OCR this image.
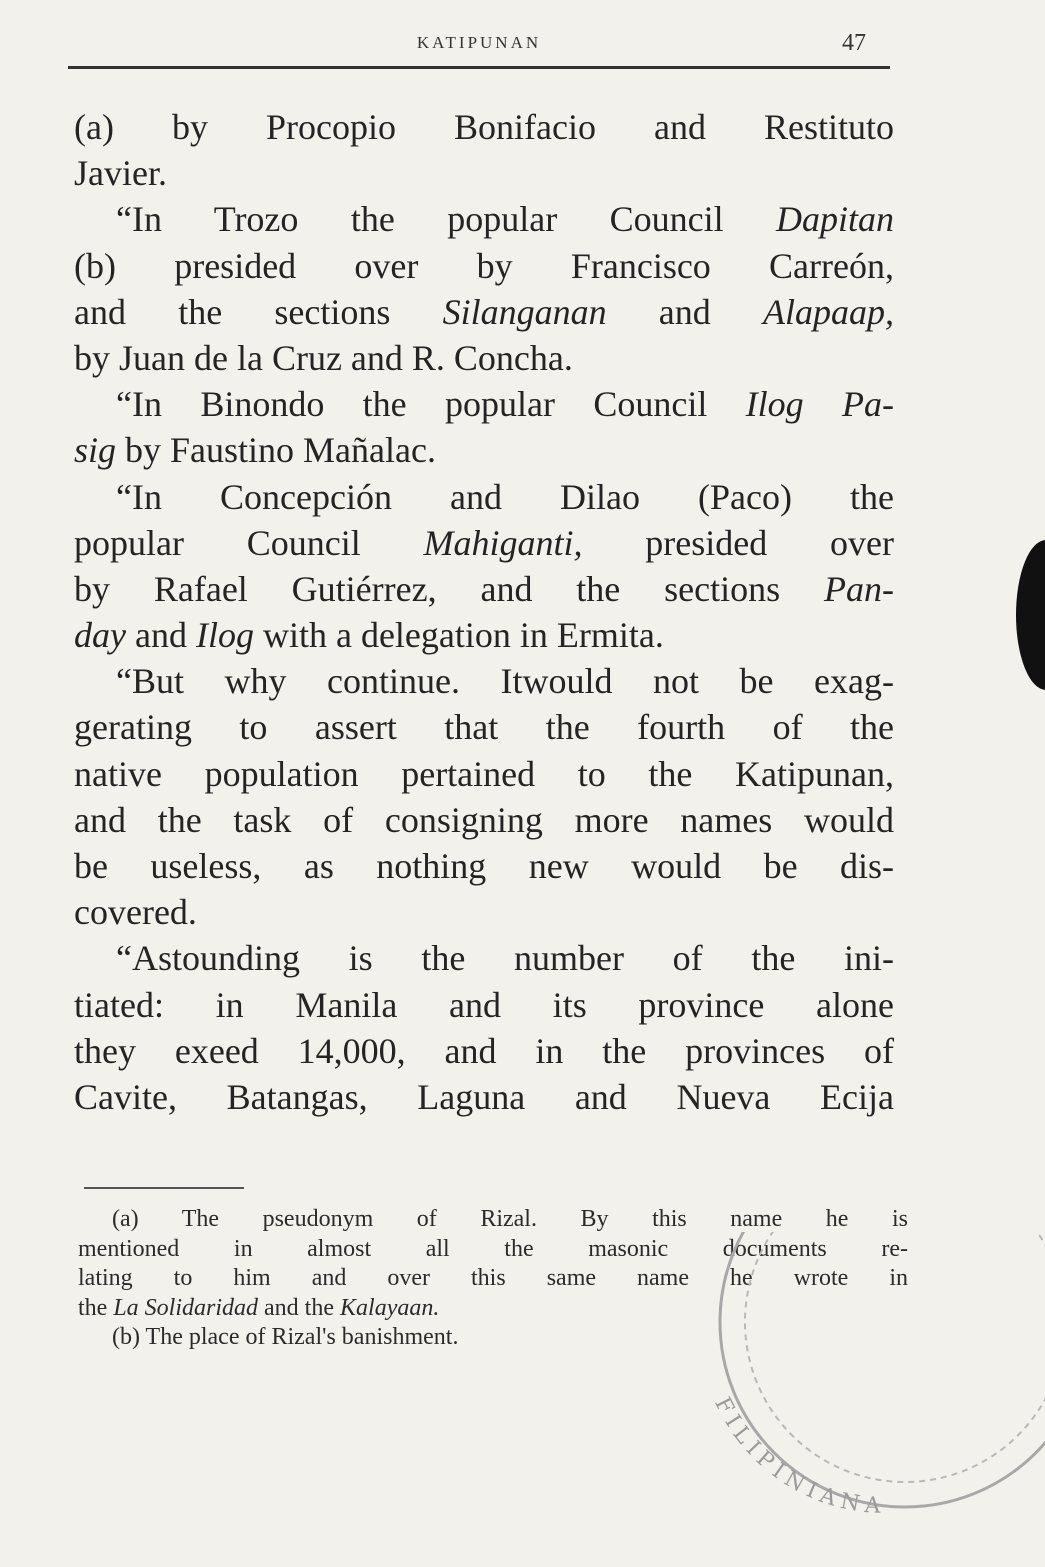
KATIPUNAN	47
(a) by Procopio Bonifacio and Restituto
Javier.
“In Trozo the popular Council Dapitan
(b) presided over by Francisco Carreón,
and the sections Silanganan and Alapaap,
by Juan de la Cruz and R. Concha.
“In Binondo the popular Council Ilog Pa-
sig by Faustino Mañalac.
“In Concepción and Dilao (Paco) the
popular Council Mahiganti, presided over
by Rafael Gutiérrez, and the sections Pan-
day and Ilog with a delegation in Ermita.
“But why continue. Itwould not be exag-
gerating to assert that the fourth of the
native population pertained to the Katipunan,
and the task of consigning more names would
be useless, as nothing new would be dis-
covered.
“Astounding is the number of the ini-
tiated: in Manila and its province alone
they exeed 14,000, and in the provinces of
Cavite, Batangas, Laguna and Nueva Ecija
(a) The pseudonym of Rizal. By this name he is
mentioned in almost all the masonic documents re-
lating to him and over this same name he wrote in
the La Solidaridad and the Kalayaan.
(b) The place of Rizal's banishment.
FILIPINIANA
